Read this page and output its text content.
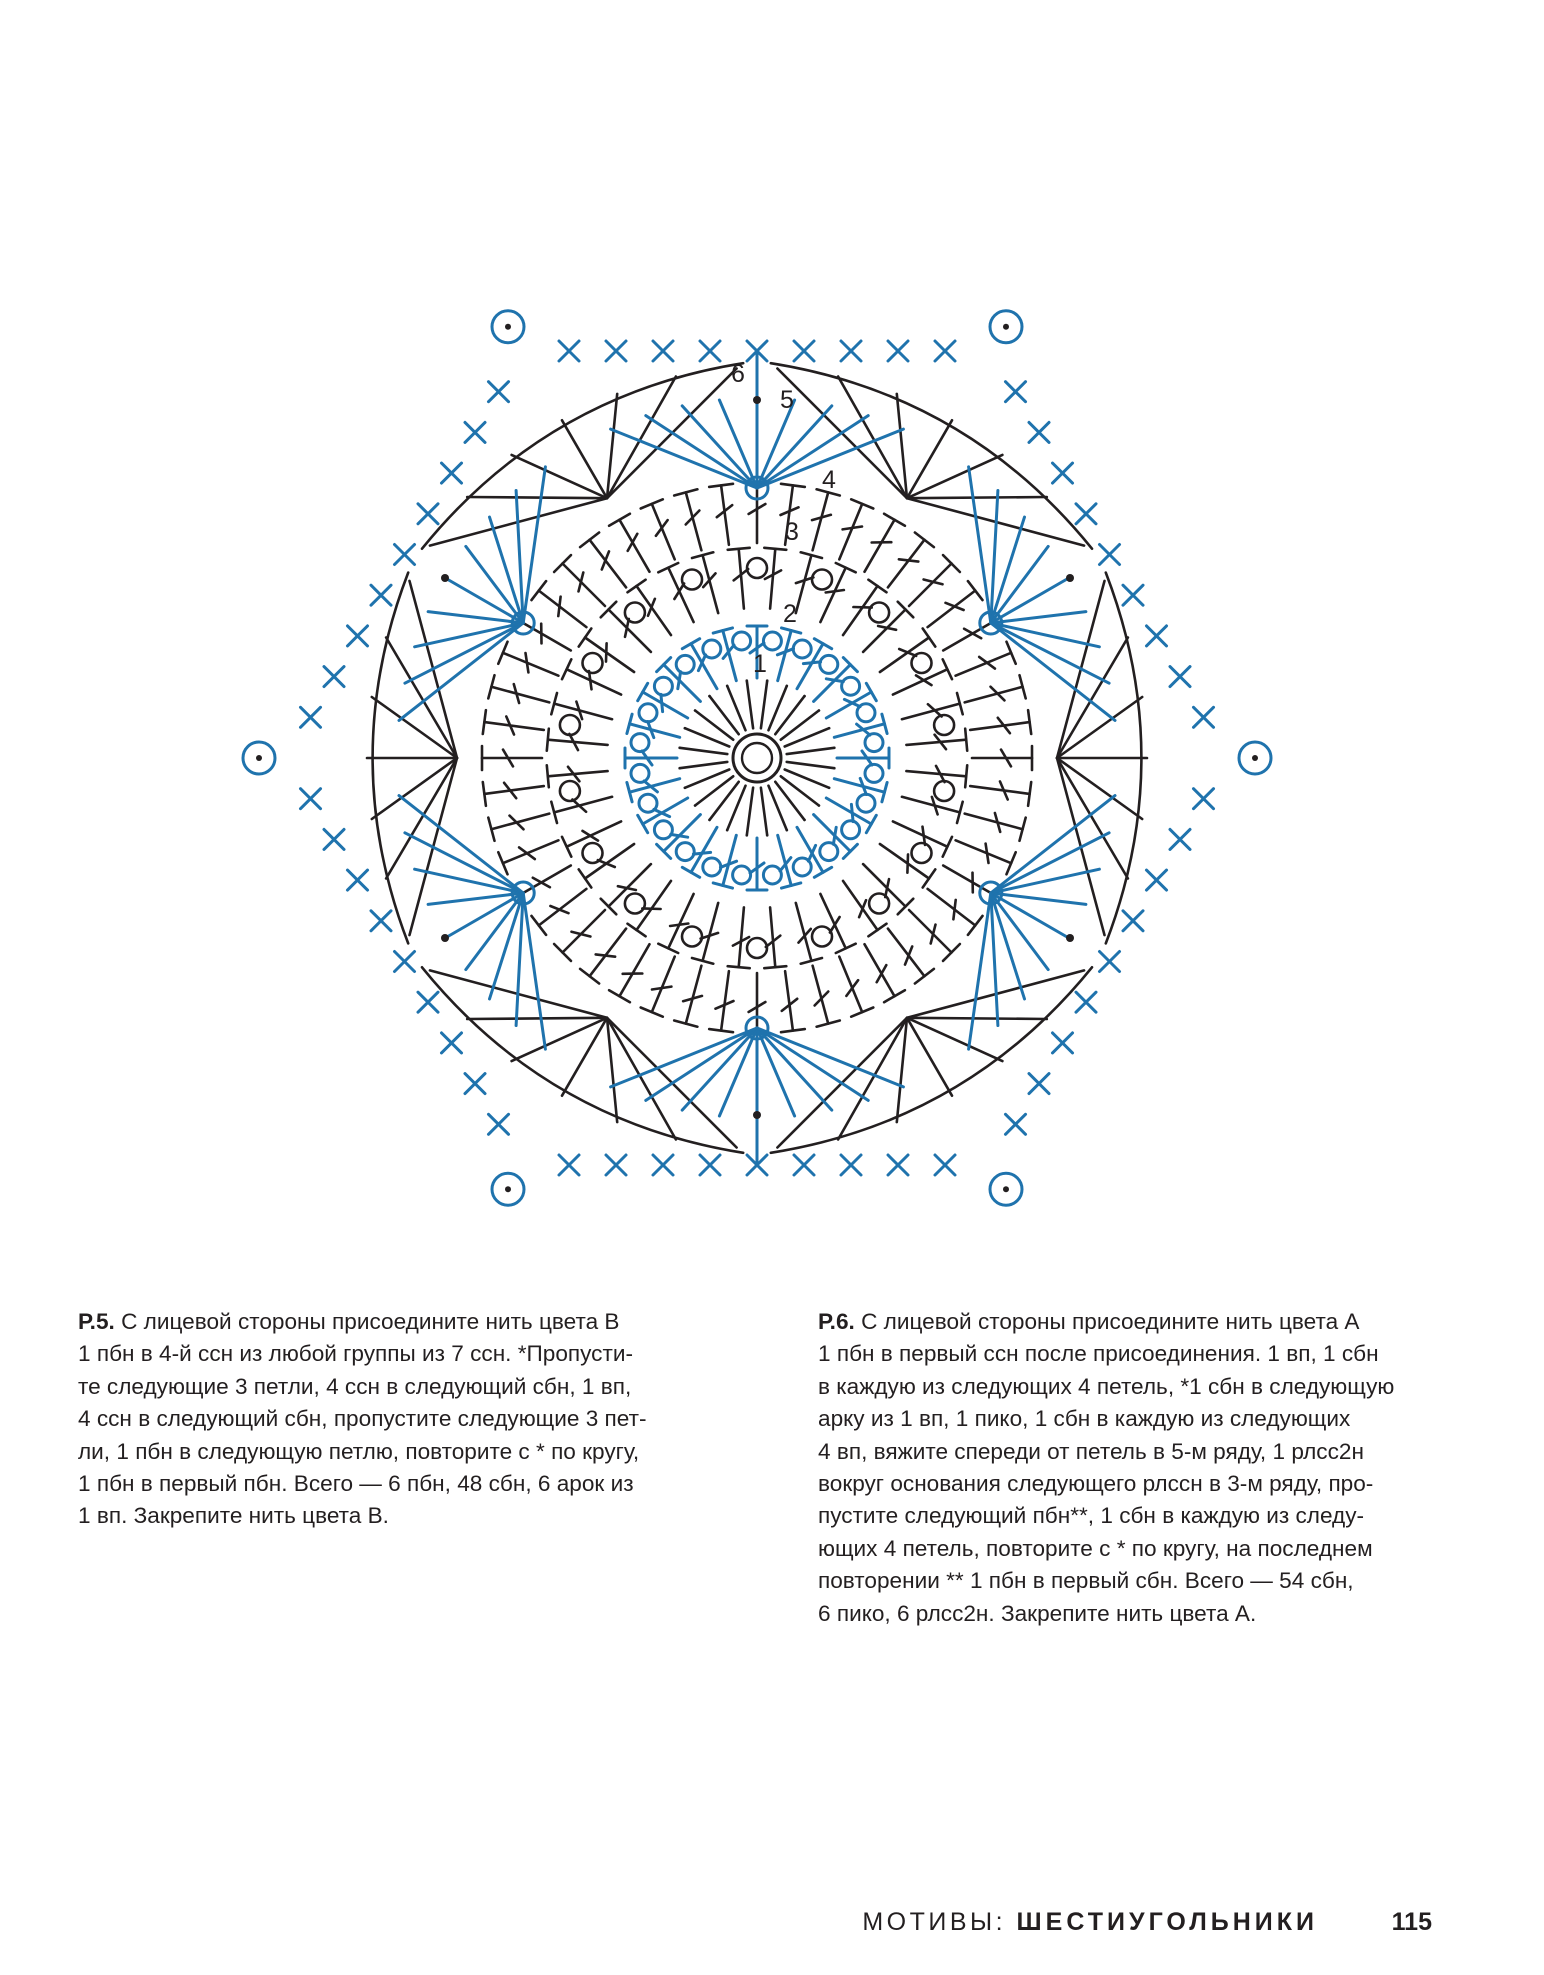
6
5
4
3
2
1
Р.5. С лицевой стороны присоедините нить цвета В
1 пбн в 4-й ссн из любой группы из 7 ссн. *Пропусти-
те следующие 3 петли, 4 ссн в следующий сбн, 1 вп,
4 ссн в следующий сбн, пропустите следующие 3 пет-
ли, 1 пбн в следующую петлю, повторите с * по кругу,
1 пбн в первый пбн. Всего — 6 пбн, 48 сбн, 6 арок из
1 вп. Закрепите нить цвета В.
Р.6. С лицевой стороны присоедините нить цвета А
1 пбн в первый ссн после присоединения. 1 вп, 1 сбн
в каждую из следующих 4 петель, *1 сбн в следующую
арку из 1 вп, 1 пико, 1 сбн в каждую из следующих
4 вп, вяжите спереди от петель в 5-м ряду, 1 рлсс2н
вокруг основания следующего рлссн в 3-м ряду, про-
пустите следующий пбн**, 1 сбн в каждую из следу-
ющих 4 петель, повторите с * по кругу, на последнем
повторении ** 1 пбн в первый сбн. Всего — 54 сбн,
6 пико, 6 рлсс2н. Закрепите нить цвета А.
МОТИВЫ: ШЕСТИУГОЛЬНИКИ	115
